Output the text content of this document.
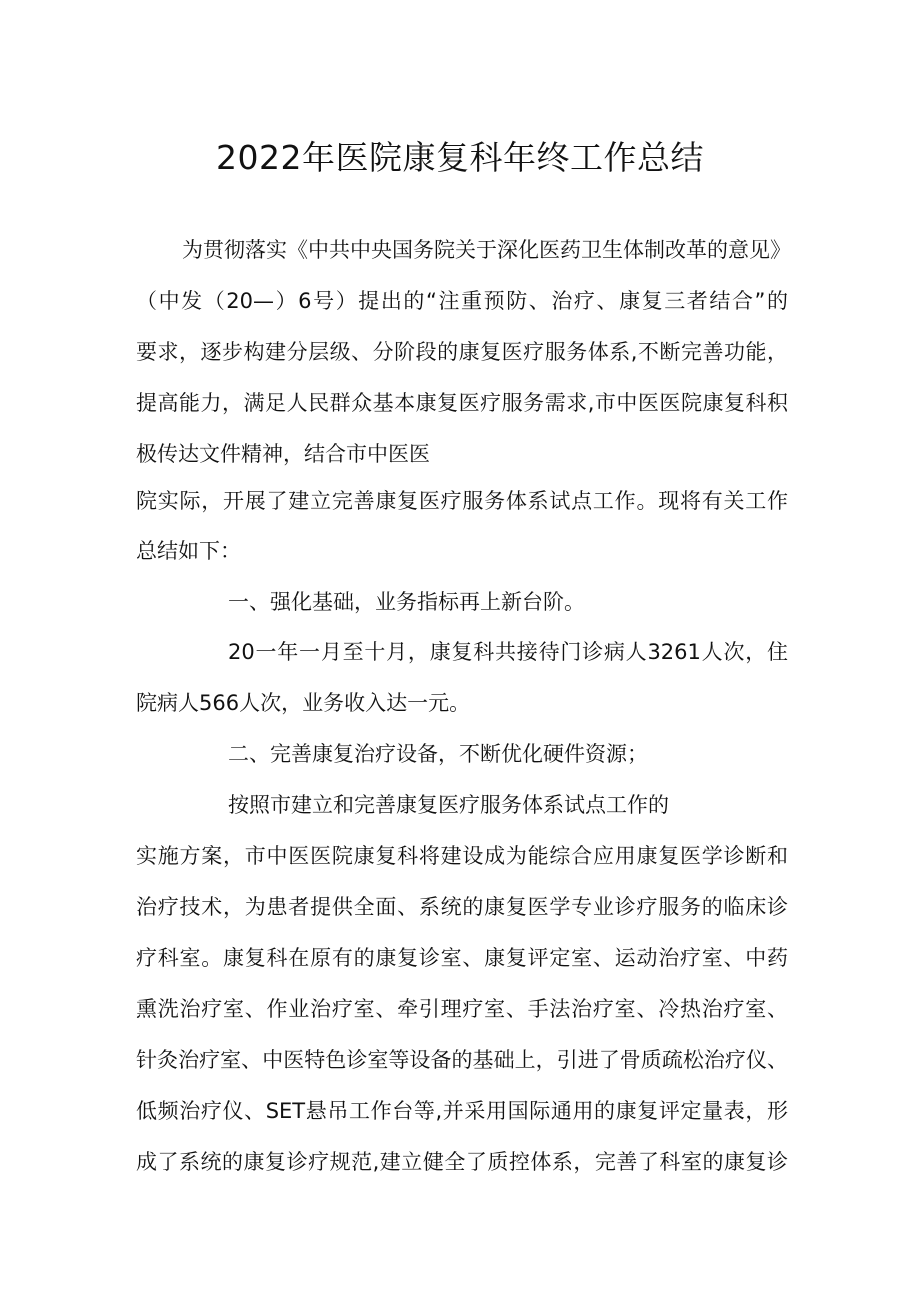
2022年医院康复科年终工作总结

为贯彻落实《中共中央国务院关于深化医药卫生体制改革的意见》

（中发（20—）6号）提出的“注重预防、治疗、康复三者结合”的

要求，逐步构建分层级、分阶段的康复医疗服务体系,不断完善功能，

提高能力，满足人民群众基本康复医疗服务需求,市中医医院康复科积

极传达文件精神，结合市中医医

院实际，开展了建立完善康复医疗服务体系试点工作。现将有关工作

总结如下：

一、强化基础，业务指标再上新台阶。

20一年一月至十月，康复科共接待门诊病人3261人次，住

院病人566人次，业务收入达一元。

二、完善康复治疗设备，不断优化硬件资源；

按照市建立和完善康复医疗服务体系试点工作的

实施方案，市中医医院康复科将建设成为能综合应用康复医学诊断和

治疗技术，为患者提供全面、系统的康复医学专业诊疗服务的临床诊

疗科室。康复科在原有的康复诊室、康复评定室、运动治疗室、中药

熏洗治疗室、作业治疗室、牵引理疗室、手法治疗室、冷热治疗室、

针灸治疗室、中医特色诊室等设备的基础上，引进了骨质疏松治疗仪、

低频治疗仪、SET悬吊工作台等,并采用国际通用的康复评定量表，形

成了系统的康复诊疗规范,建立健全了质控体系，完善了科室的康复诊
